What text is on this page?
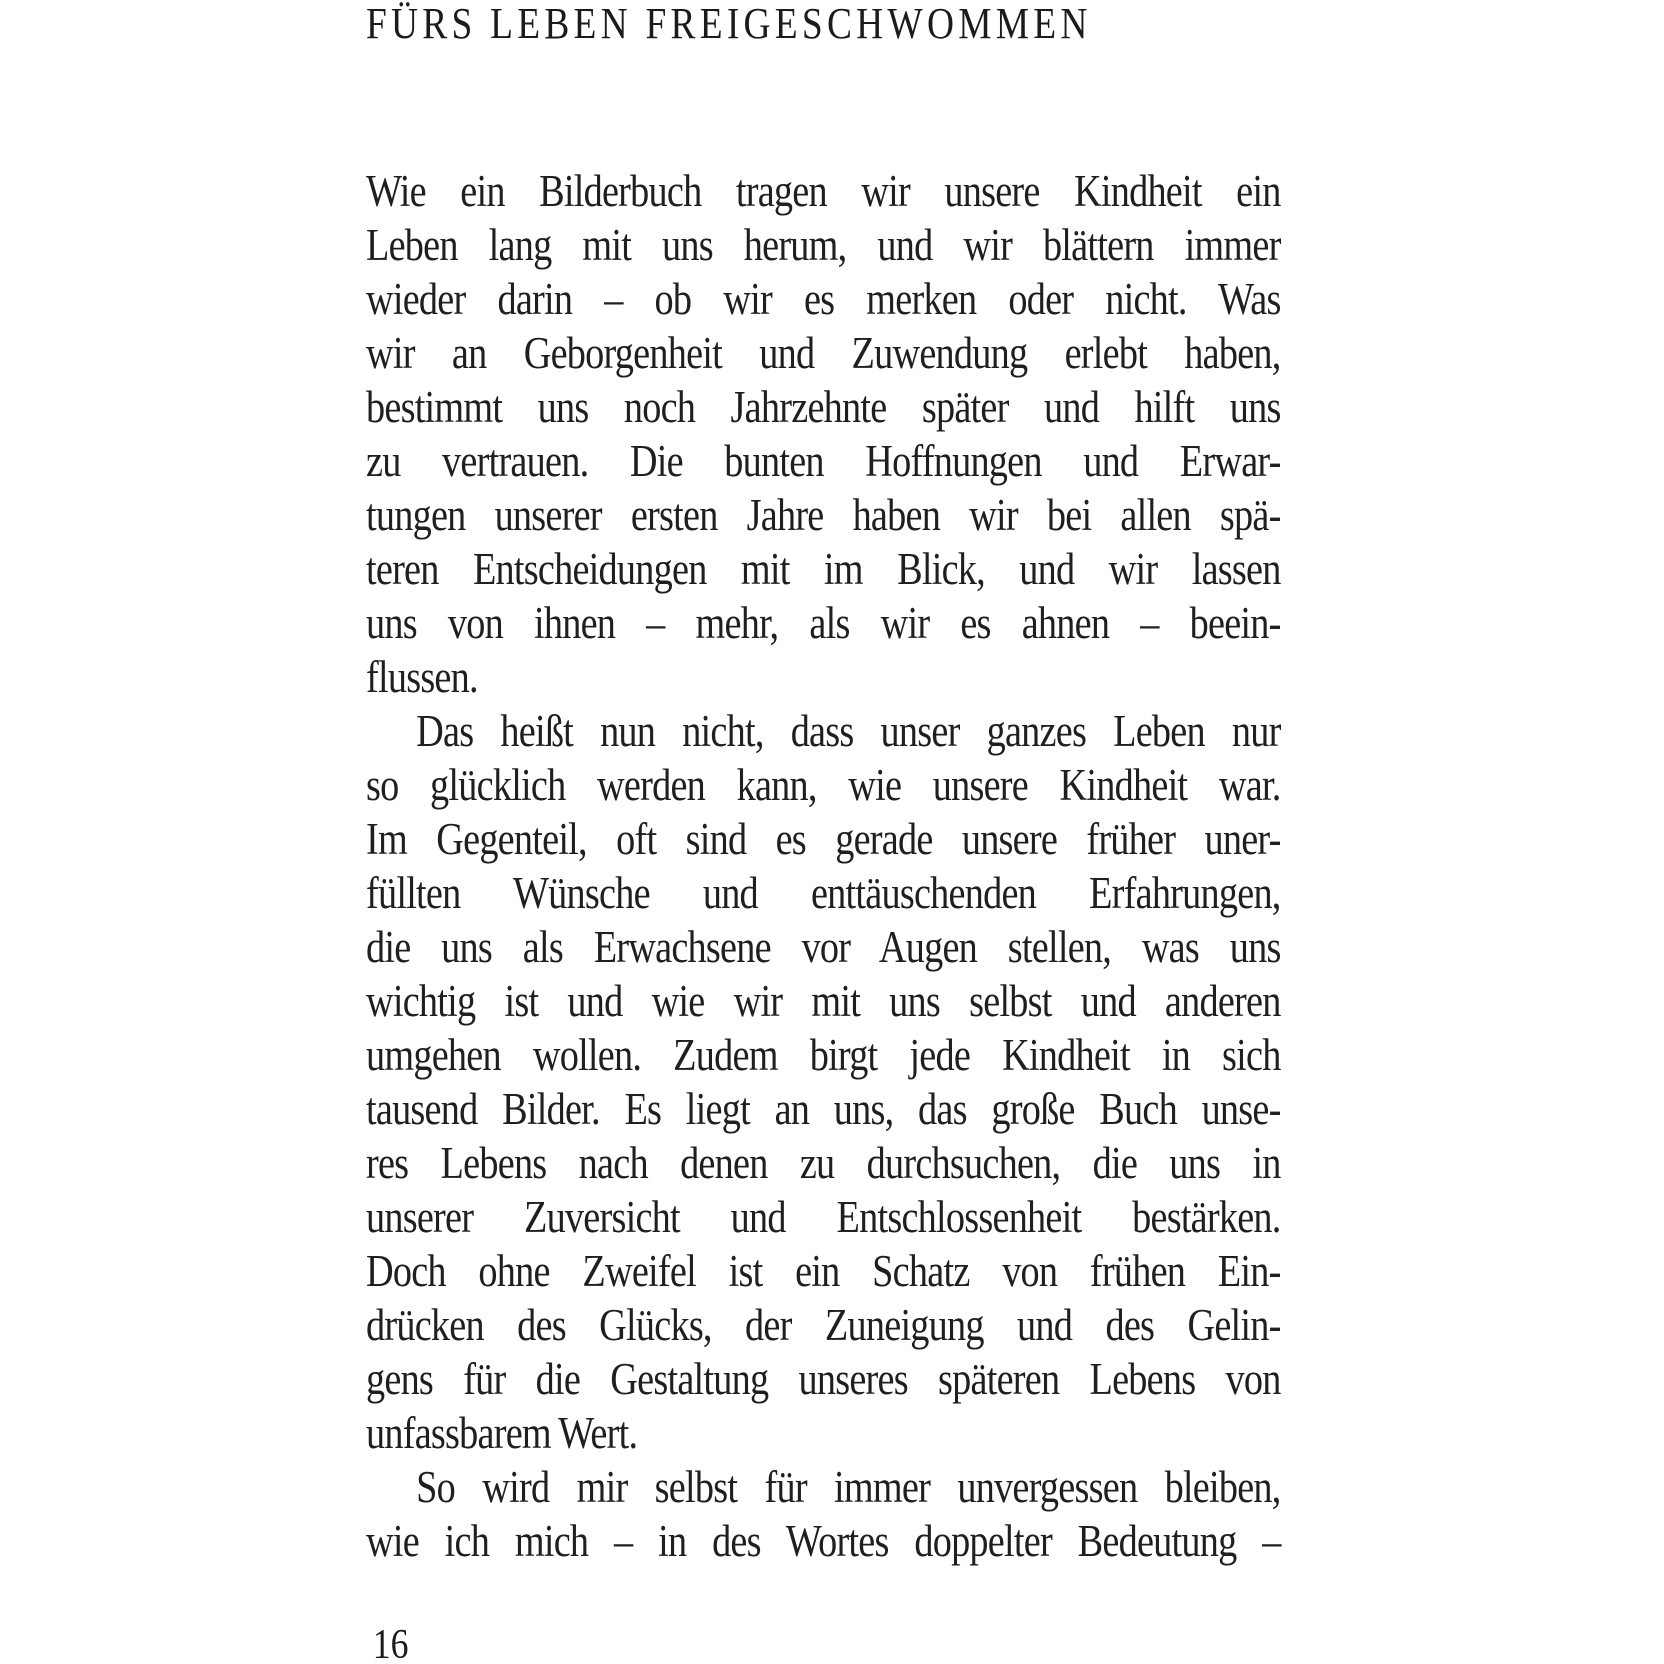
FÜRS LEBEN FREIGESCHWOMMEN
Wie ein Bilderbuch tragen wir unsere Kindheit ein
Leben lang mit uns herum, und wir blättern immer
wieder darin – ob wir es merken oder nicht. Was
wir an Geborgenheit und Zuwendung erlebt haben,
bestimmt uns noch Jahrzehnte später und hilft uns
zu vertrauen. Die bunten Hoffnungen und Erwar-
tungen unserer ersten Jahre haben wir bei allen spä-
teren Entscheidungen mit im Blick, und wir lassen
uns von ihnen – mehr, als wir es ahnen – beein-
flussen.
Das heißt nun nicht, dass unser ganzes Leben nur
so glücklich werden kann, wie unsere Kindheit war.
Im Gegenteil, oft sind es gerade unsere früher uner-
füllten Wünsche und enttäuschenden Erfahrungen,
die uns als Erwachsene vor Augen stellen, was uns
wichtig ist und wie wir mit uns selbst und anderen
umgehen wollen. Zudem birgt jede Kindheit in sich
tausend Bilder. Es liegt an uns, das große Buch unse-
res Lebens nach denen zu durchsuchen, die uns in
unserer Zuversicht und Entschlossenheit bestärken.
Doch ohne Zweifel ist ein Schatz von frühen Ein-
drücken des Glücks, der Zuneigung und des Gelin-
gens für die Gestaltung unseres späteren Lebens von
unfassbarem Wert.
So wird mir selbst für immer unvergessen bleiben,
wie ich mich – in des Wortes doppelter Bedeutung –
16
